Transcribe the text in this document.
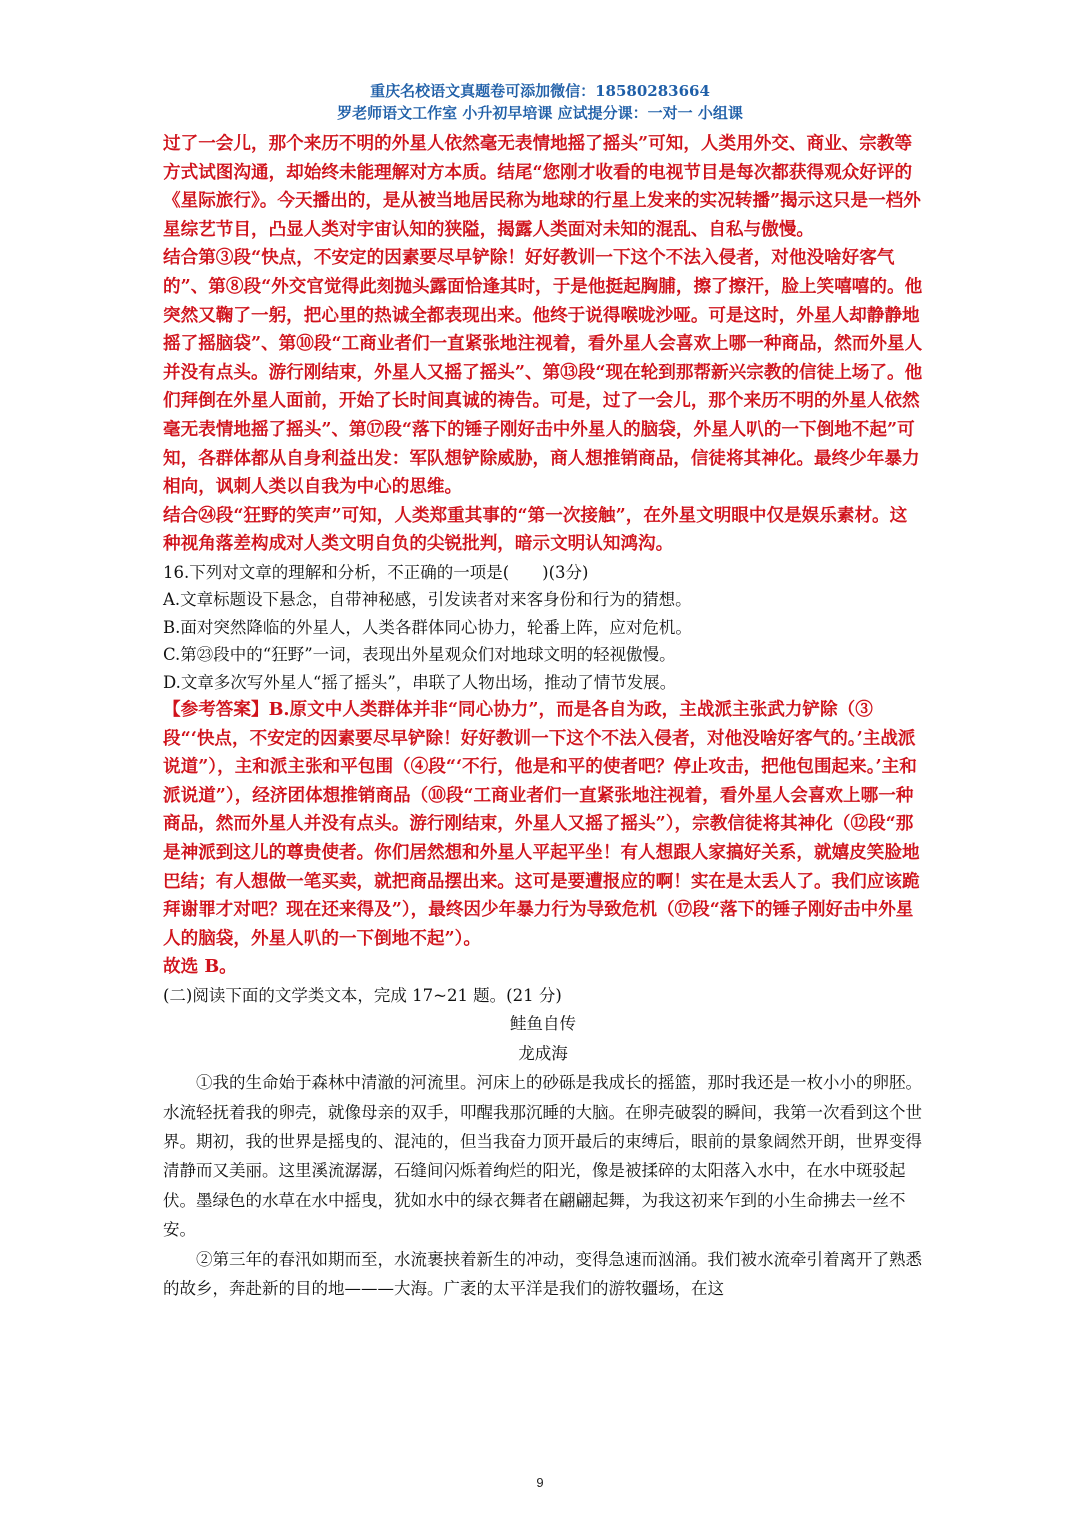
重庆名校语文真题卷可添加微信：18580283664
罗老师语文工作室 小升初早培课 应试提分课：一对一 小组课

过了一会儿，那个来历不明的外星人依然毫无表情地摇了摇头”可知，人类用外交、商业、宗教等方式试图沟通，却始终未能理解对方本质。结尾“您刚才收看的电视节目是每次都获得观众好评的《星际旅行》。今天播出的，是从被当地居民称为地球的行星上发来的实况转播”揭示这只是一档外星综艺节目，凸显人类对宇宙认知的狭隘，揭露人类面对未知的混乱、自私与傲慢。

结合第③段“快点，不安定的因素要尽早铲除！好好教训一下这个不法入侵者，对他没啥好客气的”、第⑧段“外交官觉得此刻抛头露面恰逢其时，于是他挺起胸脯，擦了擦汗，脸上笑嘻嘻的。他突然又鞠了一躬，把心里的热诚全都表现出来。他终于说得喉咙沙哑。可是这时，外星人却静静地摇了摇脑袋”、第⑩段“工商业者们一直紧张地注视着，看外星人会喜欢上哪一种商品，然而外星人并没有点头。游行刚结束，外星人又摇了摇头”、第⑬段“现在轮到那帮新兴宗教的信徒上场了。他们拜倒在外星人面前，开始了长时间真诚的祷告。可是，过了一会儿，那个来历不明的外星人依然毫无表情地摇了摇头”、第⑰段“落下的锤子刚好击中外星人的脑袋，外星人叭的一下倒地不起”可知，各群体都从自身利益出发：军队想铲除威胁，商人想推销商品，信徒将其神化。最终少年暴力相向，讽刺人类以自我为中心的思维。

结合㉔段“狂野的笑声”可知，人类郑重其事的“第一次接触”，在外星文明眼中仅是娱乐素材。这种视角落差构成对人类文明自负的尖锐批判，暗示文明认知鸿沟。

16.下列对文章的理解和分析，不正确的一项是(　　)(3分)

A.文章标题设下悬念，自带神秘感，引发读者对来客身份和行为的猜想。

B.面对突然降临的外星人，人类各群体同心协力，轮番上阵，应对危机。

C.第㉓段中的“狂野”一词，表现出外星观众们对地球文明的轻视傲慢。

D.文章多次写外星人“摇了摇头”，串联了人物出场，推动了情节发展。

【参考答案】B.原文中人类群体并非“同心协力”，而是各自为政，主战派主张武力铲除（③段“‘快点，不安定的因素要尽早铲除！好好教训一下这个不法入侵者，对他没啥好客气的。’主战派说道”），主和派主张和平包围（④段“‘不行，他是和平的使者吧？停止攻击，把他包围起来。’主和派说道”），经济团体想推销商品（⑩段“工商业者们一直紧张地注视着，看外星人会喜欢上哪一种商品，然而外星人并没有点头。游行刚结束，外星人又摇了摇头”），宗教信徒将其神化（⑫段“那是神派到这儿的尊贵使者。你们居然想和外星人平起平坐！有人想跟人家搞好关系，就嬉皮笑脸地巴结；有人想做一笔买卖，就把商品摆出来。这可是要遭报应的啊！实在是太丢人了。我们应该跪拜谢罪才对吧？现在还来得及”），最终因少年暴力行为导致危机（⑰段“落下的锤子刚好击中外星人的脑袋，外星人叭的一下倒地不起”）。

故选 B。

(二)阅读下面的文学类文本，完成 17~21 题。(21 分)

鲑鱼自传

龙成海

①我的生命始于森林中清澈的河流里。河床上的砂砾是我成长的摇篮，那时我还是一枚小小的卵胚。水流轻抚着我的卵壳，就像母亲的双手，叩醒我那沉睡的大脑。在卵壳破裂的瞬间，我第一次看到这个世界。期初，我的世界是摇曳的、混沌的，但当我奋力顶开最后的束缚后，眼前的景象阔然开朗，世界变得清静而又美丽。这里溪流潺潺，石缝间闪烁着绚烂的阳光，像是被揉碎的太阳落入水中，在水中斑驳起伏。墨绿色的水草在水中摇曳，犹如水中的绿衣舞者在翩翩起舞，为我这初来乍到的小生命拂去一丝不安。

②第三年的春汛如期而至，水流裹挟着新生的冲动，变得急速而汹涌。我们被水流牵引着离开了熟悉的故乡，奔赴新的目的地———大海。广袤的太平洋是我们的游牧疆场，在这

9
